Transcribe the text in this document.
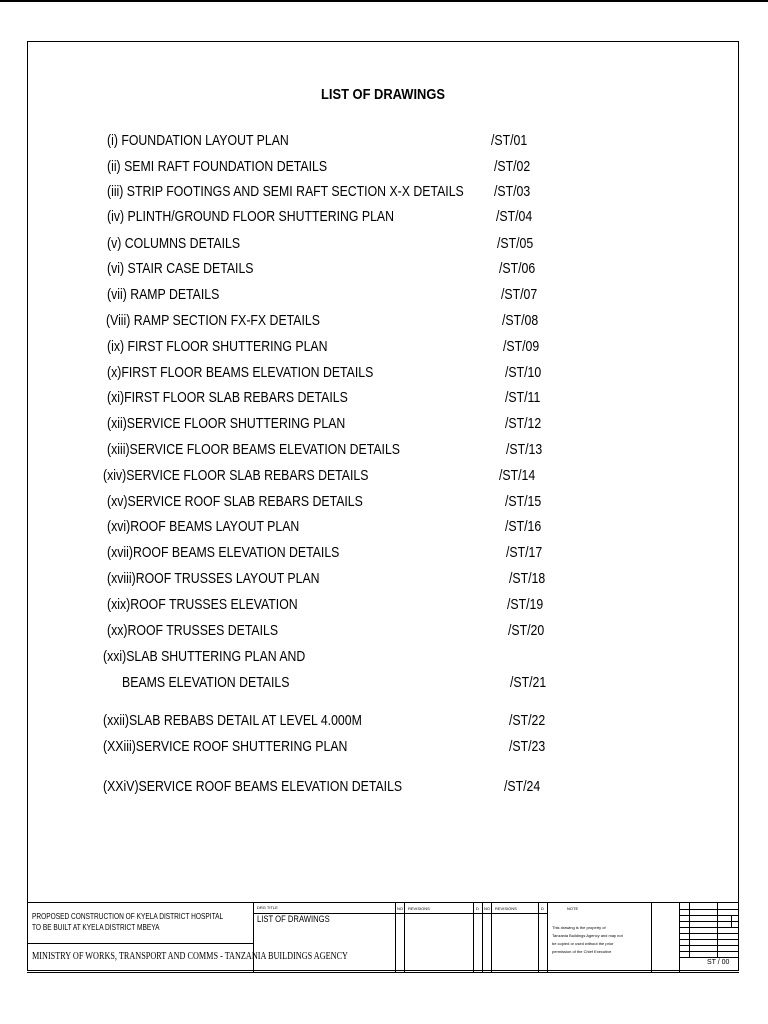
LIST OF DRAWINGS
(i) FOUNDATION LAYOUT PLAN	/ST/01
(ii) SEMI RAFT FOUNDATION DETAILS	/ST/02
(iii) STRIP FOOTINGS AND SEMI RAFT SECTION X-X DETAILS /ST/03
(iv) PLINTH/GROUND FLOOR SHUTTERING PLAN	/ST/04
(v) COLUMNS DETAILS	/ST/05
(vi) STAIR CASE DETAILS	/ST/06
(vii) RAMP DETAILS	/ST/07
(Viii) RAMP SECTION FX-FX DETAILS	/ST/08
(ix) FIRST FLOOR SHUTTERING PLAN	/ST/09
(x)FIRST FLOOR BEAMS ELEVATION DETAILS	/ST/10
(xi)FIRST FLOOR SLAB REBARS DETAILS	/ST/11
(xii)SERVICE FLOOR SHUTTERING PLAN	/ST/12
(xiii)SERVICE FLOOR BEAMS ELEVATION DETAILS	/ST/13
(xiv)SERVICE FLOOR SLAB REBARS DETAILS	/ST/14
(xv)SERVICE ROOF SLAB REBARS DETAILS	/ST/15
(xvi)ROOF BEAMS LAYOUT PLAN	/ST/16
(xvii)ROOF BEAMS ELEVATION DETAILS	/ST/17
(xviii)ROOF TRUSSES LAYOUT PLAN	/ST/18
(xix)ROOF TRUSSES ELEVATION	/ST/19
(xx)ROOF TRUSSES DETAILS	/ST/20
(xxi)SLAB SHUTTERING PLAN AND
BEAMS ELEVATION DETAILS	/ST/21
(xxii)SLAB REBABS DETAIL AT LEVEL 4.000M	/ST/22
(XXiii)SERVICE ROOF SHUTTERING PLAN	/ST/23
(XXiV)SERVICE ROOF BEAMS ELEVATION DETAILS	/ST/24
PROPOSED CONSTRUCTION OF KYELA DISTRICT HOSPITAL
TO BE BUILT AT KYELA DISTRICT MBEYA
MINISTRY OF WORKS, TRANSPORT AND COMMS - TANZANIA BUILDINGS AGENCY
DRG TITLE
LIST OF DRAWINGS
NO REVISIONS	D NO REVISIONS	D	NOTE
This drawing is the property of
Tanzania Buildings Agency and may not
be copied or used without the prior
permission of the Chief Executive
ST / 00
